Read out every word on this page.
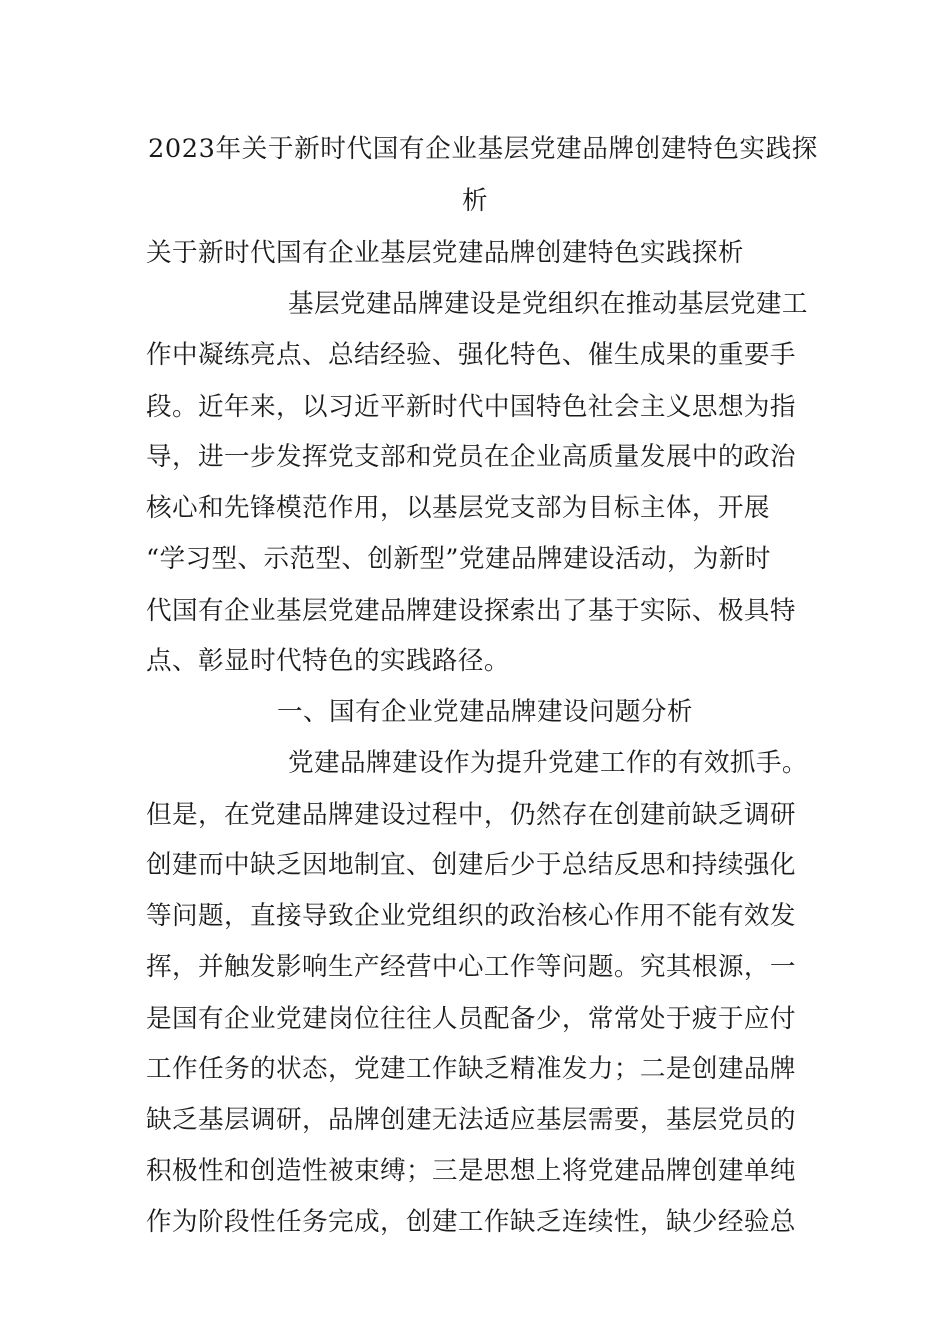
2023年关于新时代国有企业基层党建品牌创建特色实践探
析
关于新时代国有企业基层党建品牌创建特色实践探析
基层党建品牌建设是党组织在推动基层党建工
作中凝练亮点、总结经验、强化特色、催生成果的重要手
段。近年来，以习近平新时代中国特色社会主义思想为指
导，进一步发挥党支部和党员在企业高质量发展中的政治
核心和先锋模范作用，以基层党支部为目标主体，开展
“学习型、示范型、创新型”党建品牌建设活动，为新时
代国有企业基层党建品牌建设探索出了基于实际、极具特
点、彰显时代特色的实践路径。
一、国有企业党建品牌建设问题分析
党建品牌建设作为提升党建工作的有效抓手。
但是，在党建品牌建设过程中，仍然存在创建前缺乏调研
创建而中缺乏因地制宜、创建后少于总结反思和持续强化
等问题，直接导致企业党组织的政治核心作用不能有效发
挥，并触发影响生产经营中心工作等问题。究其根源，一
是国有企业党建岗位往往人员配备少，常常处于疲于应付
工作任务的状态，党建工作缺乏精准发力；二是创建品牌
缺乏基层调研，品牌创建无法适应基层需要，基层党员的
积极性和创造性被束缚；三是思想上将党建品牌创建单纯
作为阶段性任务完成，创建工作缺乏连续性，缺少经验总
